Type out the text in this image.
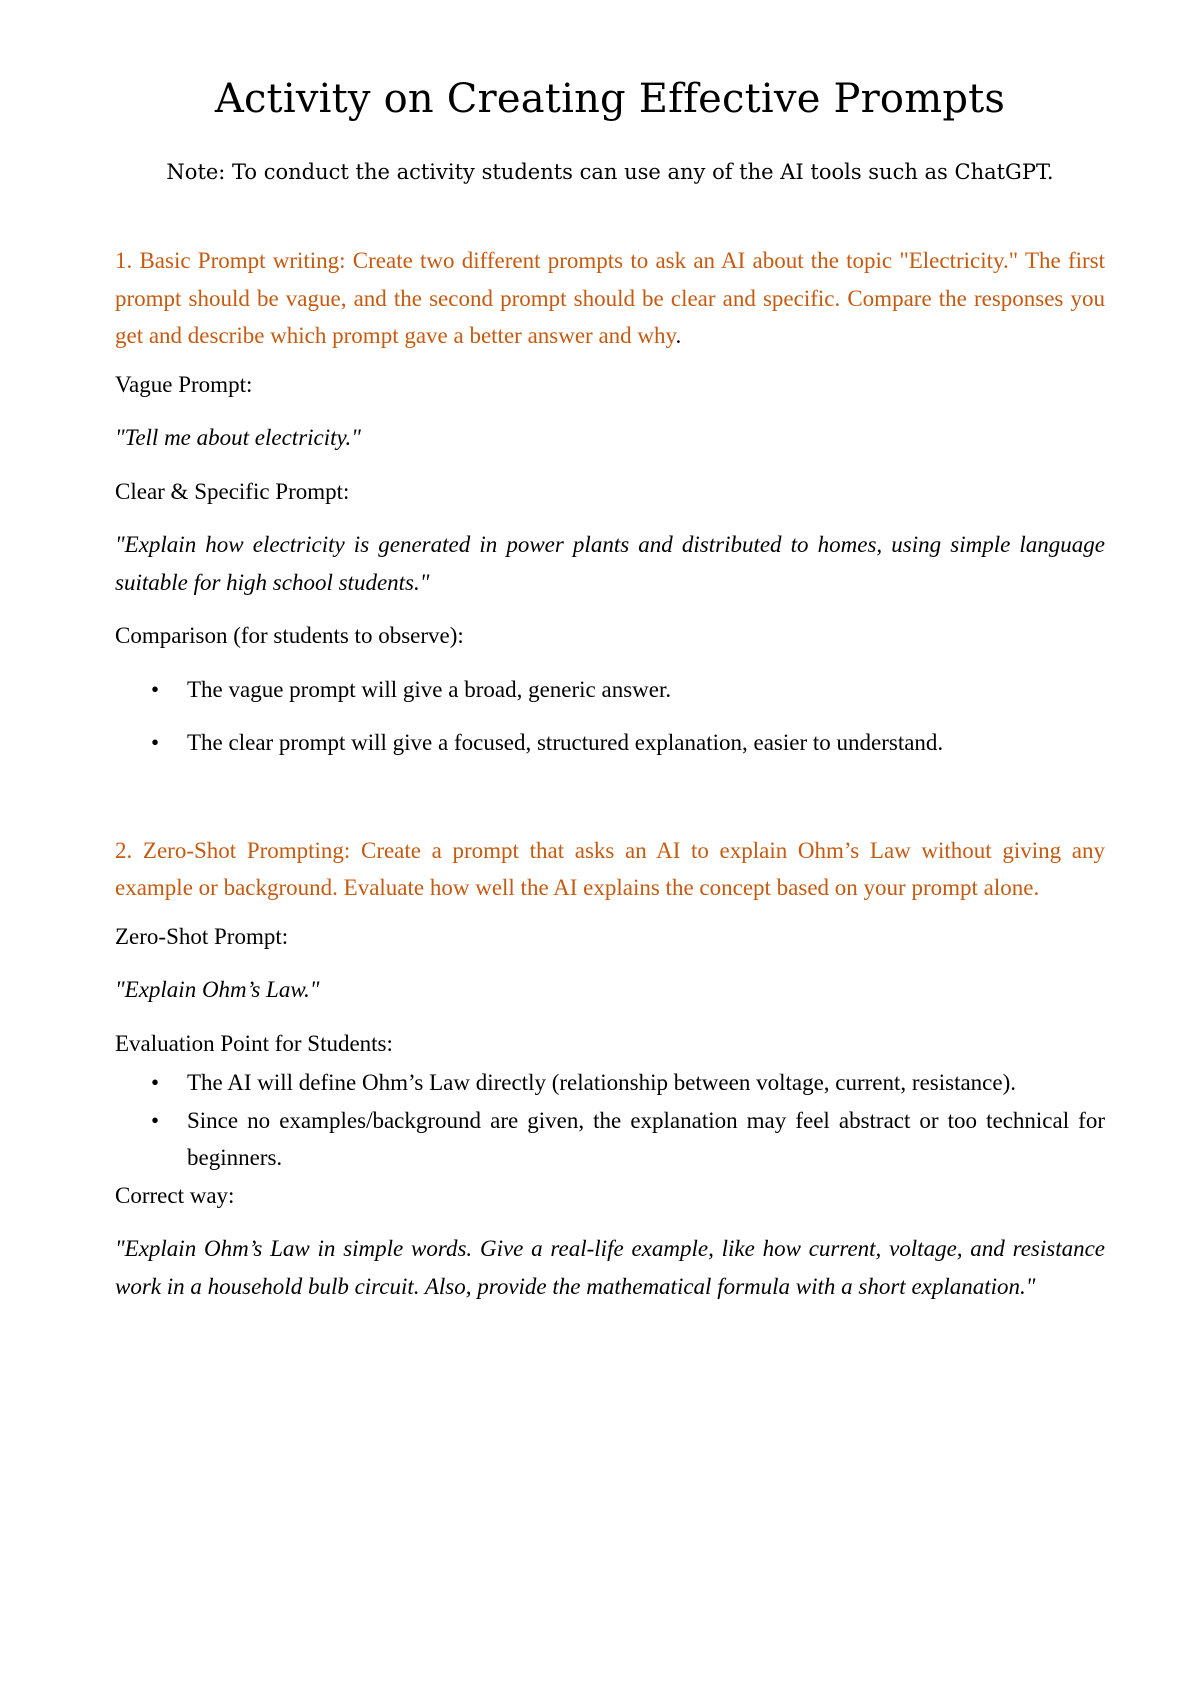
Activity on Creating Effective Prompts

Note: To conduct the activity students can use any of the AI tools such as ChatGPT.

1. Basic Prompt writing: Create two different prompts to ask an AI about the topic "Electricity." The first prompt should be vague, and the second prompt should be clear and specific. Compare the responses you get and describe which prompt gave a better answer and why.

Vague Prompt:

"Tell me about electricity."

Clear & Specific Prompt:

"Explain how electricity is generated in power plants and distributed to homes, using simple language suitable for high school students."

Comparison (for students to observe):

• The vague prompt will give a broad, generic answer.
• The clear prompt will give a focused, structured explanation, easier to understand.

2. Zero-Shot Prompting: Create a prompt that asks an AI to explain Ohm’s Law without giving any example or background. Evaluate how well the AI explains the concept based on your prompt alone.

Zero-Shot Prompt:

"Explain Ohm’s Law."

Evaluation Point for Students:

• The AI will define Ohm’s Law directly (relationship between voltage, current, resistance).
• Since no examples/background are given, the explanation may feel abstract or too technical for beginners.

Correct way:

"Explain Ohm’s Law in simple words. Give a real-life example, like how current, voltage, and resistance work in a household bulb circuit. Also, provide the mathematical formula with a short explanation."
